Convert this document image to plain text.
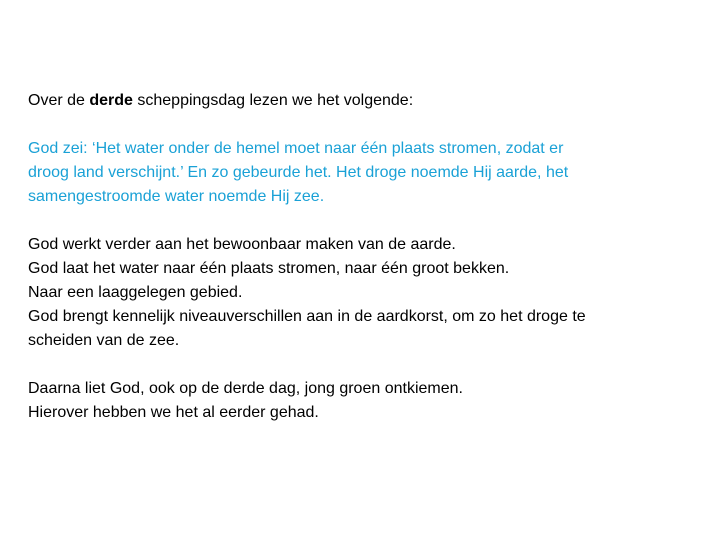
Over de derde scheppingsdag lezen we het volgende:

God zei: ‘Het water onder de hemel moet naar één plaats stromen, zodat er
droog land verschijnt.’ En zo gebeurde het. Het droge noemde Hij aarde, het
samengestroomde water noemde Hij zee.

God werkt verder aan het bewoonbaar maken van de aarde.
God laat het water naar één plaats stromen, naar één groot bekken.
Naar een laaggelegen gebied.
God brengt kennelijk niveauverschillen aan in de aardkorst, om zo het droge te
scheiden van de zee.

Daarna liet God, ook op de derde dag, jong groen ontkiemen.
Hierover hebben we het al eerder gehad.
